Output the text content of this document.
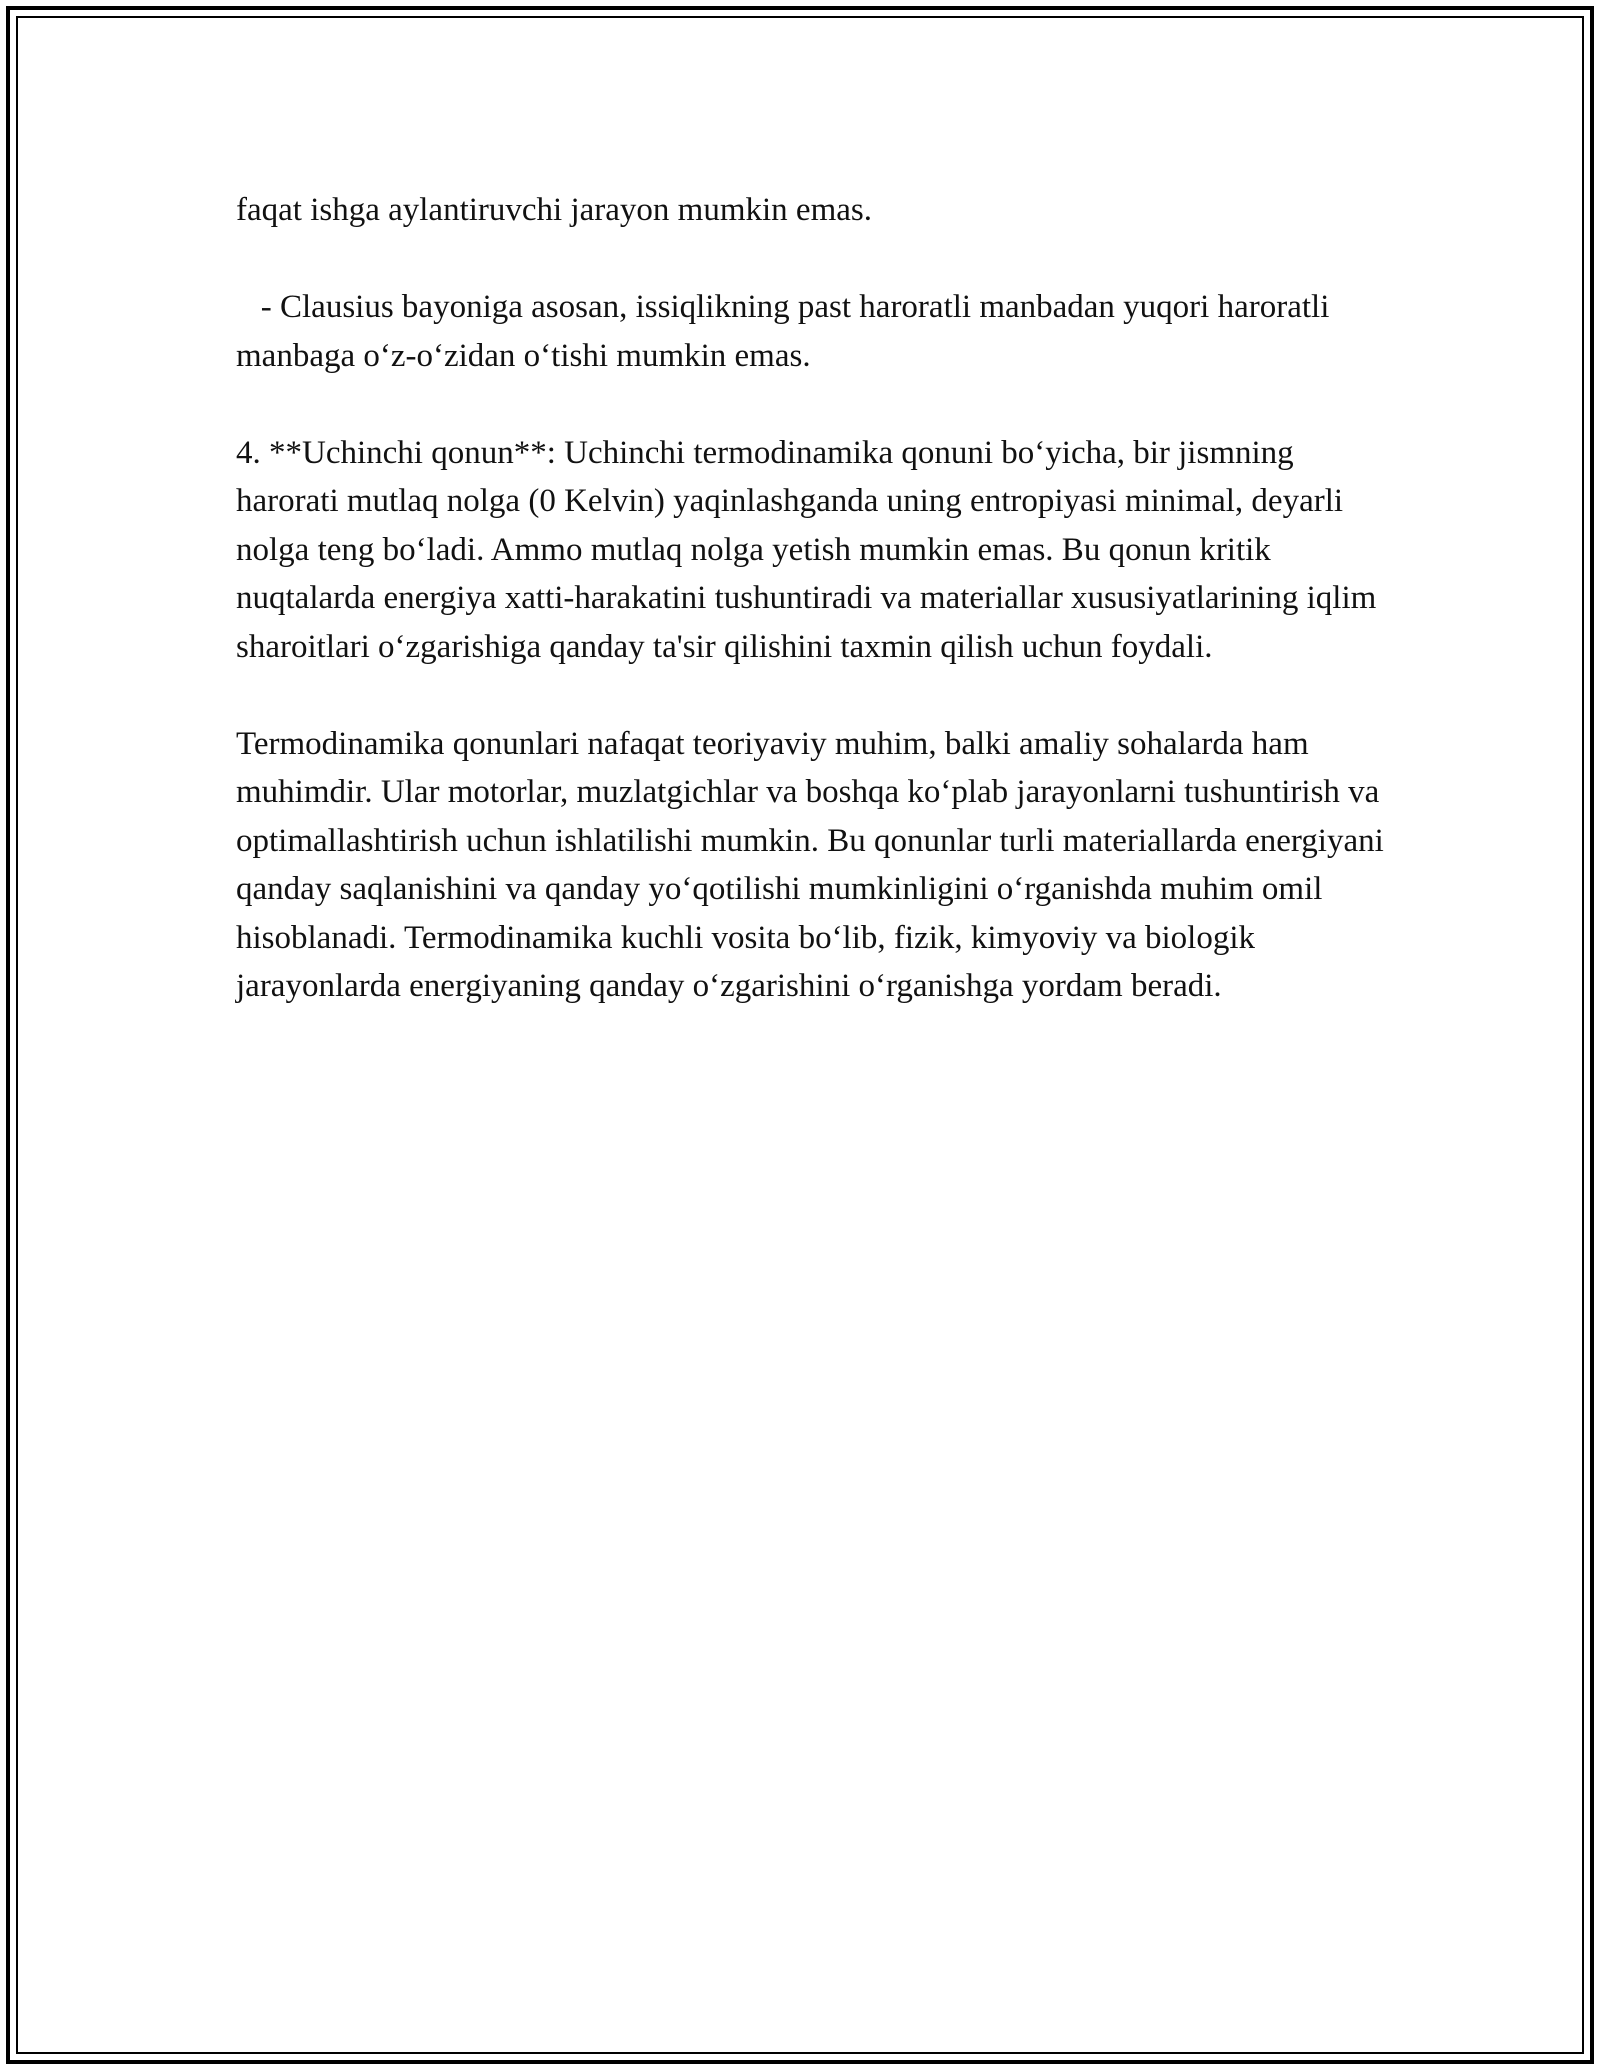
faqat ishga aylantiruvchi jarayon mumkin emas.

- Clausius bayoniga asosan, issiqlikning past haroratli manbadan yuqori haroratli manbaga o‘z-o‘zidan o‘tishi mumkin emas.

4. **Uchinchi qonun**: Uchinchi termodinamika qonuni bo‘yicha, bir jismning harorati mutlaq nolga (0 Kelvin) yaqinlashganda uning entropiyasi minimal, deyarli nolga teng bo‘ladi. Ammo mutlaq nolga yetish mumkin emas. Bu qonun kritik nuqtalarda energiya xatti-harakatini tushuntiradi va materiallar xususiyatlarining iqlim sharoitlari o‘zgarishiga qanday ta'sir qilishini taxmin qilish uchun foydali.

Termodinamika qonunlari nafaqat teoriyaviy muhim, balki amaliy sohalarda ham muhimdir. Ular motorlar, muzlatgichlar va boshqa ko‘plab jarayonlarni tushuntirish va optimallashtirish uchun ishlatilishi mumkin. Bu qonunlar turli materiallarda energiyani qanday saqlanishini va qanday yo‘qotilishi mumkinligini o‘rganishda muhim omil hisoblanadi. Termodinamika kuchli vosita bo‘lib, fizik, kimyoviy va biologik jarayonlarda energiyaning qanday o‘zgarishini o‘rganishga yordam beradi.
